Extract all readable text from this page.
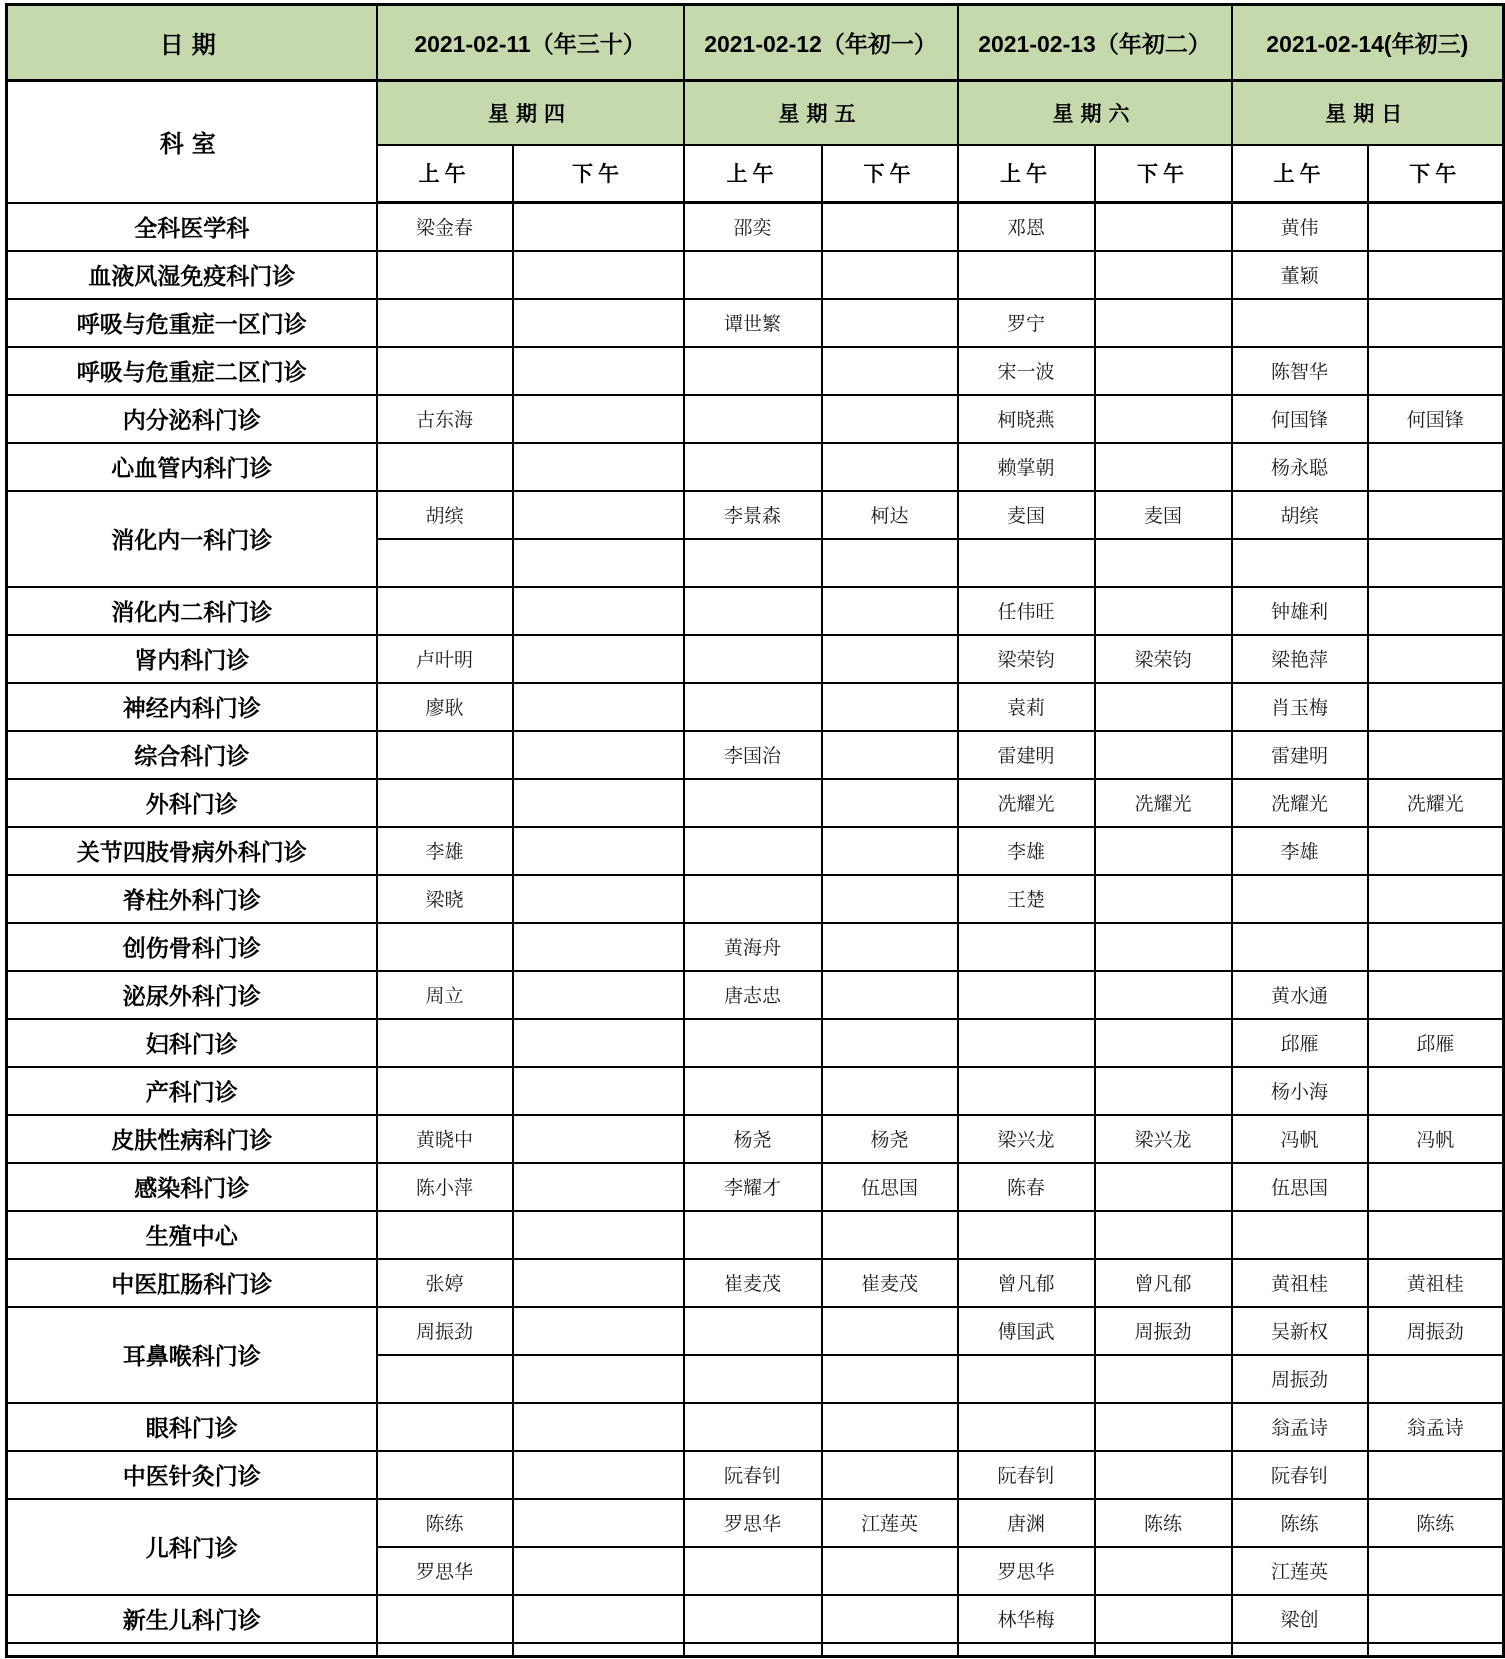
日期	2021-02-11（年三十）		2021-02-12（年初一）		2021-02-13（年初二）		2021-02-14(年初三)	
科室	星期四		星期五		星期六		星期日	
	上午	下午	上午	下午	上午	下午	上午	下午
全科医学科	梁金春		邵奕		邓恩		黄伟	
血液风湿免疫科门诊							董颖	
呼吸与危重症一区门诊			谭世繁		罗宁			
呼吸与危重症二区门诊					宋一波		陈智华	
内分泌科门诊	古东海				柯晓燕		何国锋	何国锋
心血管内科门诊					赖掌朝		杨永聪	
消化内一科门诊	胡缤		李景森	柯达	麦国	麦国	胡缤	

消化内二科门诊					任伟旺		钟雄利	
肾内科门诊	卢叶明				梁荣钧	梁荣钧	梁艳萍	
神经内科门诊	廖耿				袁莉		肖玉梅	
综合科门诊			李国治		雷建明		雷建明	
外科门诊					冼耀光	冼耀光	冼耀光	冼耀光
关节四肢骨病外科门诊	李雄				李雄		李雄	
脊柱外科门诊	梁晓				王楚			
创伤骨科门诊			黄海舟					
泌尿外科门诊	周立		唐志忠				黄水通	
妇科门诊							邱雁	邱雁
产科门诊							杨小海	
皮肤性病科门诊	黄晓中		杨尧	杨尧	梁兴龙	梁兴龙	冯帆	冯帆
感染科门诊	陈小萍		李耀才	伍思国	陈春		伍思国	
生殖中心								
中医肛肠科门诊	张婷		崔麦茂	崔麦茂	曾凡郁	曾凡郁	黄祖桂	黄祖桂
耳鼻喉科门诊	周振劲				傅国武	周振劲	吴新权	周振劲
							周振劲	
眼科门诊							翁孟诗	翁孟诗
中医针灸门诊			阮春钊		阮春钊		阮春钊	
儿科门诊	陈练		罗思华	江莲英	唐渊	陈练	陈练	陈练
	罗思华				罗思华		江莲英	
新生儿科门诊					林华梅		梁创	
